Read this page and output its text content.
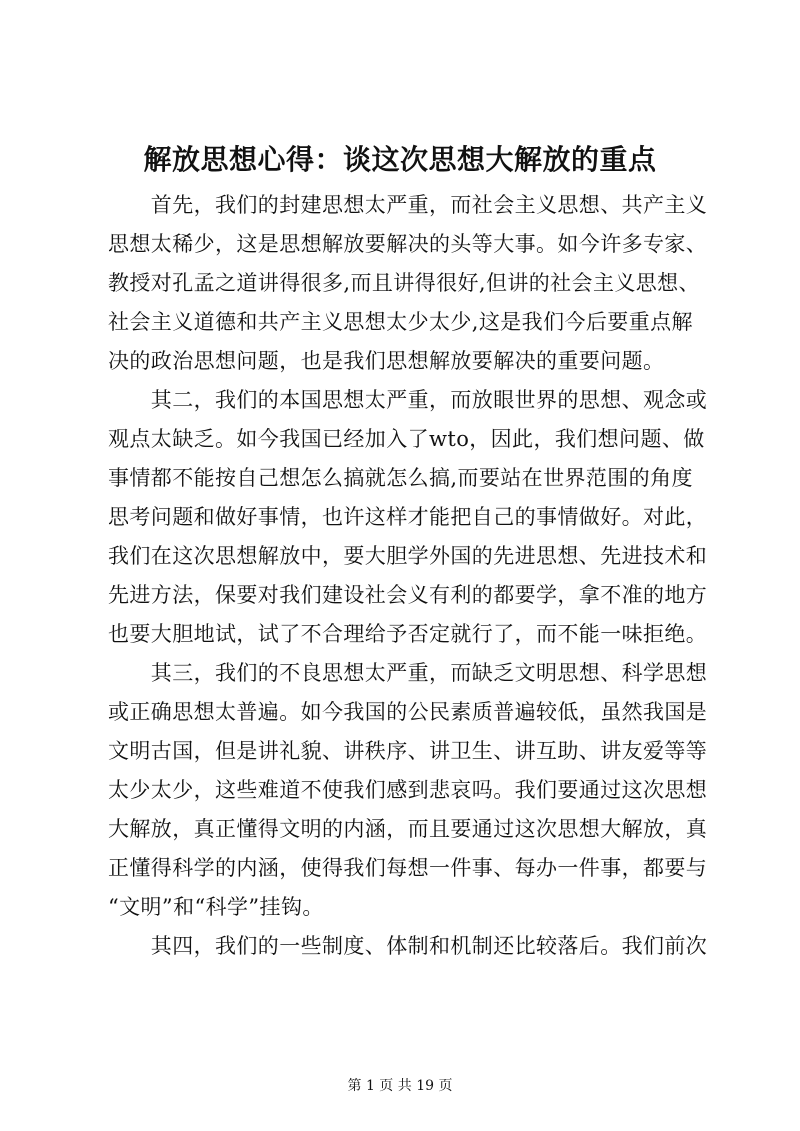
解放思想心得：谈这次思想大解放的重点
　　首先，我们的封建思想太严重，而社会主义思想、共产主义
思想太稀少，这是思想解放要解决的头等大事。如今许多专家、
教授对孔孟之道讲得很多,而且讲得很好,但讲的社会主义思想、
社会主义道德和共产主义思想太少太少,这是我们今后要重点解
决的政治思想问题，也是我们思想解放要解决的重要问题。
　　其二，我们的本国思想太严重，而放眼世界的思想、观念或
观点太缺乏。如今我国已经加入了wto，因此，我们想问题、做
事情都不能按自己想怎么搞就怎么搞,而要站在世界范围的角度
思考问题和做好事情，也许这样才能把自己的事情做好。对此，
我们在这次思想解放中，要大胆学外国的先进思想、先进技术和
先进方法，保要对我们建设社会义有利的都要学，拿不准的地方
也要大胆地试，试了不合理给予否定就行了，而不能一味拒绝。
　　其三，我们的不良思想太严重，而缺乏文明思想、科学思想
或正确思想太普遍。如今我国的公民素质普遍较低，虽然我国是
文明古国，但是讲礼貌、讲秩序、讲卫生、讲互助、讲友爱等等
太少太少，这些难道不使我们感到悲哀吗。我们要通过这次思想
大解放，真正懂得文明的内涵，而且要通过这次思想大解放，真
正懂得科学的内涵，使得我们每想一件事、每办一件事，都要与
“文明”和“科学”挂钩。
　　其四，我们的一些制度、体制和机制还比较落后。我们前次
第 1 页 共 19 页
